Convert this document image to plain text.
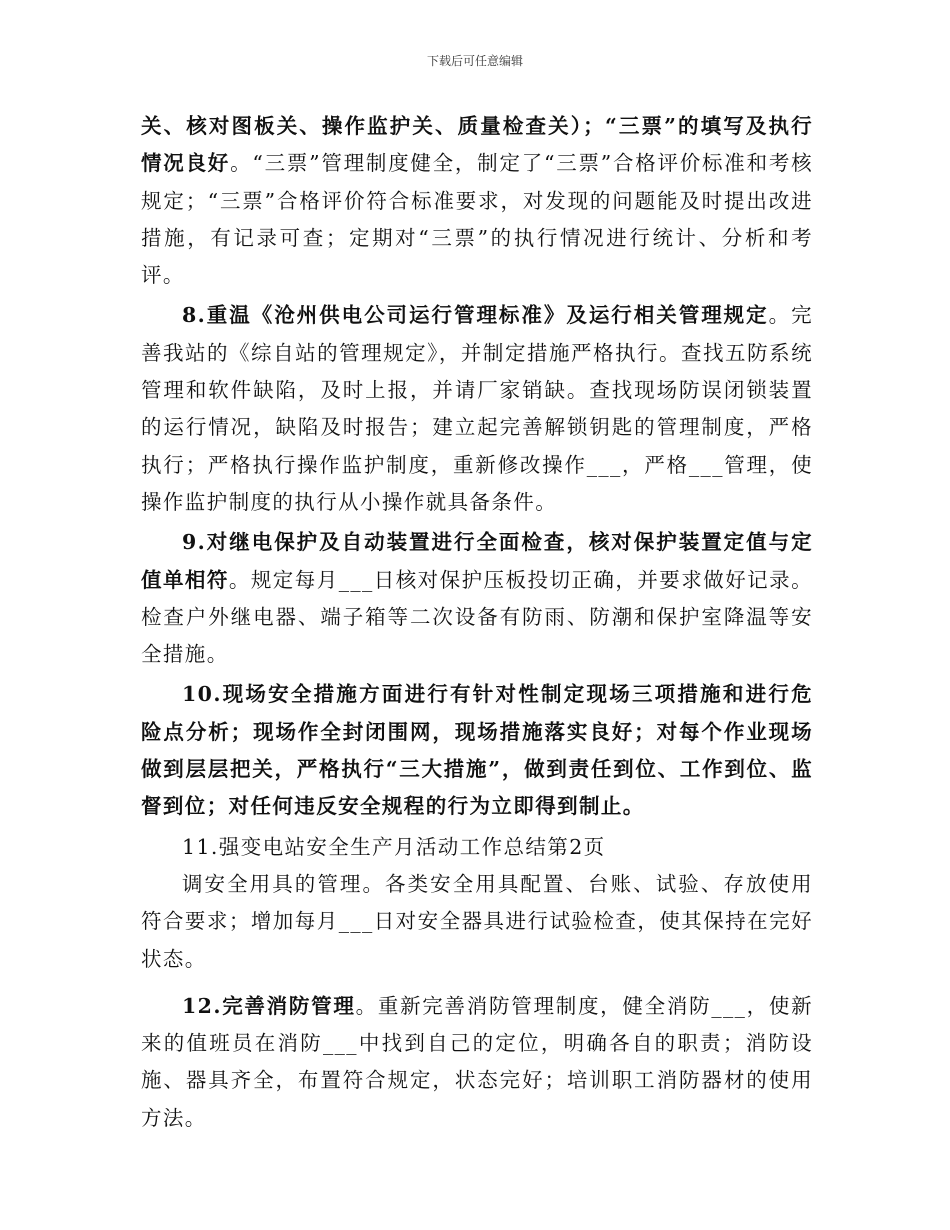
下载后可任意编辑

关、核对图板关、操作监护关、质量检查关）；“三票”的填写及执行情况良好。“三票”管理制度健全，制定了“三票”合格评价标准和考核规定；“三票”合格评价符合标准要求，对发现的问题能及时提出改进措施，有记录可查；定期对“三票”的执行情况进行统计、分析和考评。

8.重温《沧州供电公司运行管理标准》及运行相关管理规定。完善我站的《综自站的管理规定》，并制定措施严格执行。查找五防系统管理和软件缺陷，及时上报，并请厂家销缺。查找现场防误闭锁装置的运行情况，缺陷及时报告；建立起完善解锁钥匙的管理制度，严格执行；严格执行操作监护制度，重新修改操作___，严格___管理，使操作监护制度的执行从小操作就具备条件。

9.对继电保护及自动装置进行全面检查，核对保护装置定值与定值单相符。规定每月___日核对保护压板投切正确，并要求做好记录。检查户外继电器、端子箱等二次设备有防雨、防潮和保护室降温等安全措施。

10.现场安全措施方面进行有针对性制定现场三项措施和进行危险点分析；现场作全封闭围网，现场措施落实良好；对每个作业现场做到层层把关，严格执行“三大措施”，做到责任到位、工作到位、监督到位；对任何违反安全规程的行为立即得到制止。

11.强变电站安全生产月活动工作总结第2页

调安全用具的管理。各类安全用具配置、台账、试验、存放使用符合要求；增加每月___日对安全器具进行试验检查，使其保持在完好状态。

12.完善消防管理。重新完善消防管理制度，健全消防___，使新来的值班员在消防___中找到自己的定位，明确各自的职责；消防设施、器具齐全，布置符合规定，状态完好；培训职工消防器材的使用方法。
